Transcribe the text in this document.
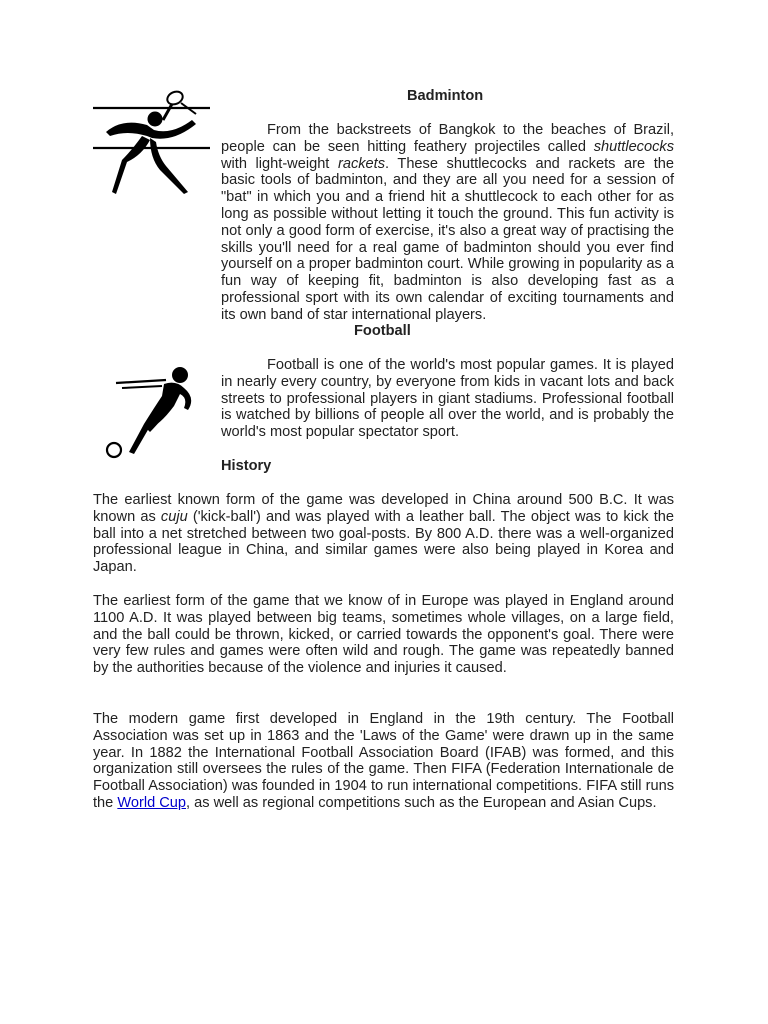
Badminton

From the backstreets of Bangkok to the beaches of Brazil, people can be seen hitting feathery projectiles called shuttlecocks with light-weight rackets. These shuttlecocks and rackets are the basic tools of badminton, and they are all you need for a session of "bat" in which you and a friend hit a shuttlecock to each other for as long as possible without letting it touch the ground. This fun activity is not only a good form of exercise, it's also a great way of practising the skills you'll need for a real game of badminton should you ever find yourself on a proper badminton court. While growing in popularity as a fun way of keeping fit, badminton is also developing fast as a professional sport with its own calendar of exciting tournaments and its own band of star international players.

Football

Football is one of the world's most popular games. It is played in nearly every country, by everyone from kids in vacant lots and back streets to professional players in giant stadiums. Professional football is watched by billions of people all over the world, and is probably the world's most popular spectator sport.

History

The earliest known form of the game was developed in China around 500 B.C. It was known as cuju ('kick-ball') and was played with a leather ball. The object was to kick the ball into a net stretched between two goal-posts. By 800 A.D. there was a well-organized professional league in China, and similar games were also being played in Korea and Japan.

The earliest form of the game that we know of in Europe was played in England around 1100 A.D. It was played between big teams, sometimes whole villages, on a large field, and the ball could be thrown, kicked, or carried towards the opponent's goal. There were very few rules and games were often wild and rough. The game was repeatedly banned by the authorities because of the violence and injuries it caused.

The modern game first developed in England in the 19th century. The Football Association was set up in 1863 and the 'Laws of the Game' were drawn up in the same year. In 1882 the International Football Association Board (IFAB) was formed, and this organization still oversees the rules of the game. Then FIFA (Federation Internationale de Football Association) was founded in 1904 to run international competitions. FIFA still runs the World Cup, as well as regional competitions such as the European and Asian Cups.
